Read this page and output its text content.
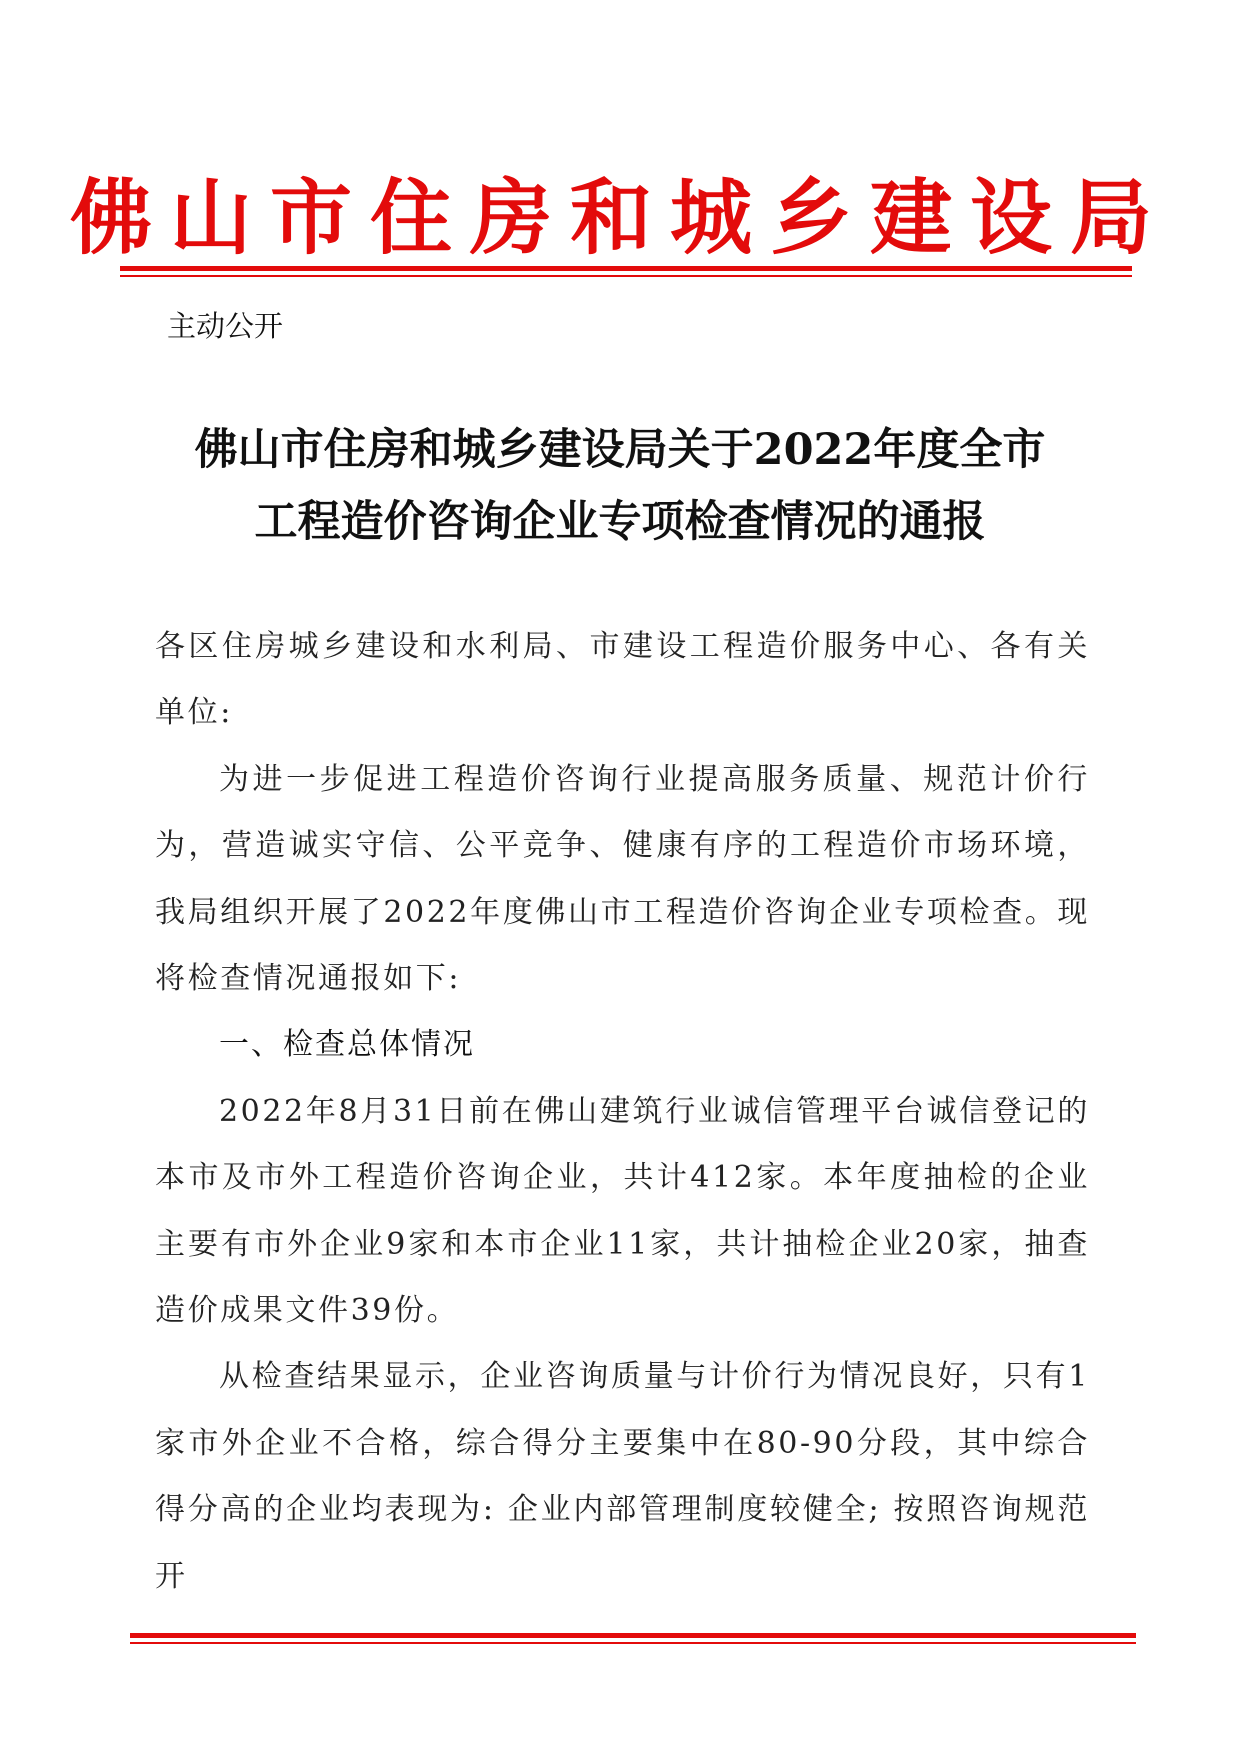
佛山市住房和城乡建设局
主动公开
佛山市住房和城乡建设局关于2022年度全市
工程造价咨询企业专项检查情况的通报

各区住房城乡建设和水利局、市建设工程造价服务中心、各有关单位:

为进一步促进工程造价咨询行业提高服务质量、规范计价行为，营造诚实守信、公平竞争、健康有序的工程造价市场环境，我局组织开展了2022年度佛山市工程造价咨询企业专项检查。现将检查情况通报如下:

一、检查总体情况

2022年8月31日前在佛山建筑行业诚信管理平台诚信登记的本市及市外工程造价咨询企业，共计412家。本年度抽检的企业主要有市外企业9家和本市企业11家，共计抽检企业20家，抽查造价成果文件39份。

从检查结果显示，企业咨询质量与计价行为情况良好，只有1家市外企业不合格，综合得分主要集中在80-90分段，其中综合得分高的企业均表现为: 企业内部管理制度较健全; 按照咨询规范开
